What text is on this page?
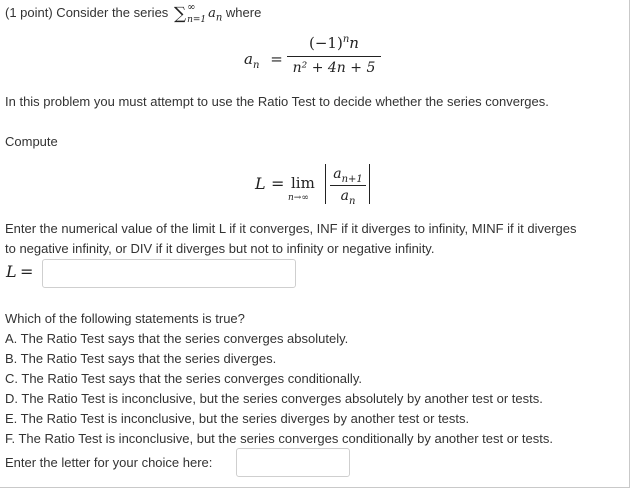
(1 point) Consider the series ∑ ∞
n=1 $a_n$ where
$a_n$ =
$(-1)^nn$
n² + 4n + 5
In this problem you must attempt to use the Ratio Test to decide whether the series converges.
Compute
L = lim
n→∞
$a_{n+1}$
$a_n$
Enter the numerical value of the limit L if it converges, INF if it diverges to infinity, MINF if it diverges
to negative infinity, or DIV if it diverges but not to infinity or negative infinity.
L =
Which of the following statements is true?
A. The Ratio Test says that the series converges absolutely.
B. The Ratio Test says that the series diverges.
C. The Ratio Test says that the series converges conditionally.
D. The Ratio Test is inconclusive, but the series converges absolutely by another test or tests.
E. The Ratio Test is inconclusive, but the series diverges by another test or tests.
F. The Ratio Test is inconclusive, but the series converges conditionally by another test or tests.
Enter the letter for your choice here:
